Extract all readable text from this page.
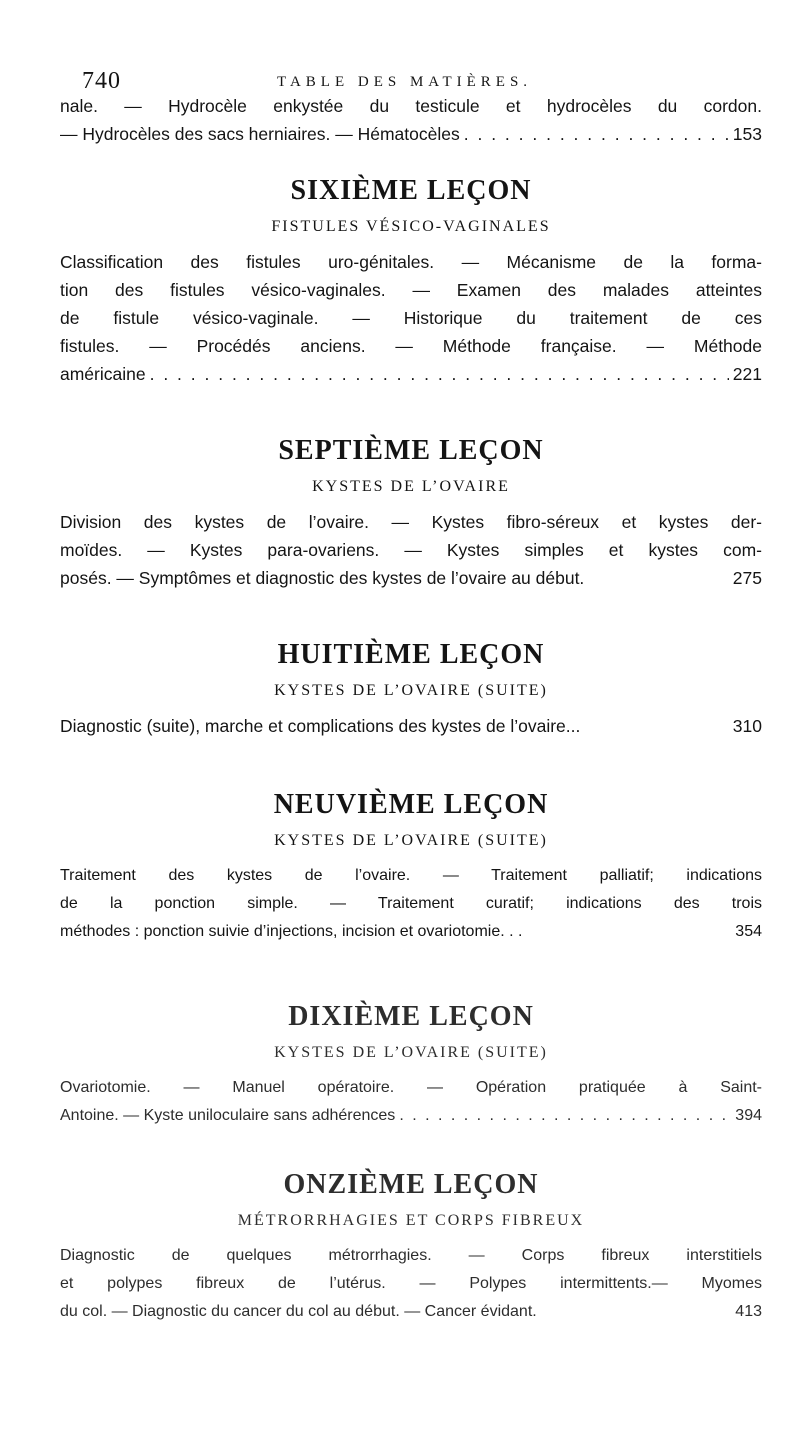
740	TABLE DES MATIÈRES.
nale. — Hydrocèle enkystée du testicule et hydrocèles du cordon.
— Hydrocèles des sacs herniaires. — Hématocèles . . .	153
SIXIÈME LEÇON
FISTULES VÉSICO-VAGINALES
Classification des fistules uro-génitales. — Mécanisme de la forma-
tion des fistules vésico-vaginales. — Examen des malades atteintes
de fistule vésico-vaginale. — Historique du traitement de ces
fistules. — Procédés anciens. — Méthode française. — Méthode
américaine . . .	221
SEPTIÈME LEÇON
KYSTES DE L’OVAIRE
Division des kystes de l’ovaire. — Kystes fibro-séreux et kystes der-
moïdes. — Kystes para-ovariens. — Kystes simples et kystes com-
posés. — Symptômes et diagnostic des kystes de l’ovaire au début.	275
HUITIÈME LEÇON
KYSTES DE L’OVAIRE (SUITE)
Diagnostic (suite), marche et complications des kystes de l’ovaire...	310
NEUVIÈME LEÇON
KYSTES DE L’OVAIRE (SUITE)
Traitement des kystes de l’ovaire. — Traitement palliatif; indications
de la ponction simple. — Traitement curatif; indications des trois
méthodes : ponction suivie d’injections, incision et ovariotomie. . .	354
DIXIÈME LEÇON
KYSTES DE L’OVAIRE (SUITE)
Ovariotomie. — Manuel opératoire. — Opération pratiquée à Saint-
Antoine. — Kyste uniloculaire sans adhérences . . .	394
ONZIÈME LEÇON
MÉTRORRHAGIES ET CORPS FIBREUX
Diagnostic de quelques métrorrhagies. — Corps fibreux interstitiels
et polypes fibreux de l’utérus. — Polypes intermittents.— Myomes
du col. — Diagnostic du cancer du col au début. — Cancer évidant.	413
